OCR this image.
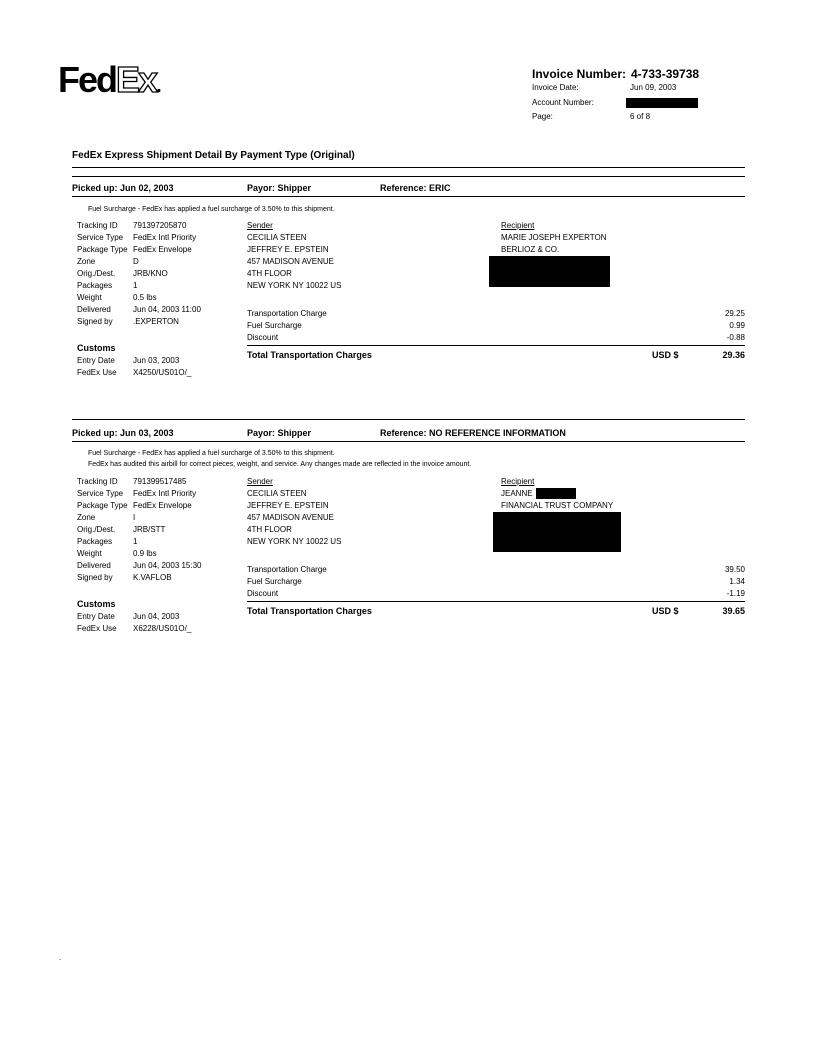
FedEx.
Invoice Number: 4-733-39738
Invoice Date:	Jun 09, 2003
Account Number:
Page:	6 of 8
FedEx Express Shipment Detail By Payment Type (Original)
Picked up: Jun 02, 2003	Payor: Shipper	Reference: ERIC
Fuel Surcharge - FedEx has applied a fuel surcharge of 3.50% to this shipment.
Tracking ID 791397205870
Service Type FedEx Intl Priority
Package Type FedEx Envelope
Zone	D
Orig./Dest. JRB/KNO
Packages	1
Weight	0.5 lbs
Delivered	Jun 04, 2003 11:00
Signed by	.EXPERTON
Customs
Entry Date Jun 03, 2003
FedEx Use X4250/US01O/_
Sender
CECILIA STEEN
JEFFREY E. EPSTEIN
457 MADISON AVENUE
4TH FLOOR
NEW YORK NY 10022 US
Recipient
MARIE JOSEPH EXPERTON
BERLIOZ & CO.
Transportation Charge	29.25
Fuel Surcharge	0.99
Discount	-0.88
Total Transportation Charges	USD $	29.36
Picked up: Jun 03, 2003	Payor: Shipper	Reference: NO REFERENCE INFORMATION
Fuel Surcharge - FedEx has applied a fuel surcharge of 3.50% to this shipment.
FedEx has audited this airbill for correct pieces, weight, and service. Any changes made are reflected in the invoice amount.
Tracking ID 791399517485
Service Type FedEx Intl Priority
Package Type FedEx Envelope
Zone	I
Orig./Dest. JRB/STT
Packages	1
Weight	0.9 lbs
Delivered	Jun 04, 2003 15:30
Signed by	K.VAFLOB
Customs
Entry Date Jun 04, 2003
FedEx Use X6228/US01O/_
Sender
CECILIA STEEN
JEFFREY E. EPSTEIN
457 MADISON AVENUE
4TH FLOOR
NEW YORK NY 10022 US
Recipient
JEANNE
FINANCIAL TRUST COMPANY
Transportation Charge	39.50
Fuel Surcharge	1.34
Discount	-1.19
Total Transportation Charges	USD $	39.65
.
